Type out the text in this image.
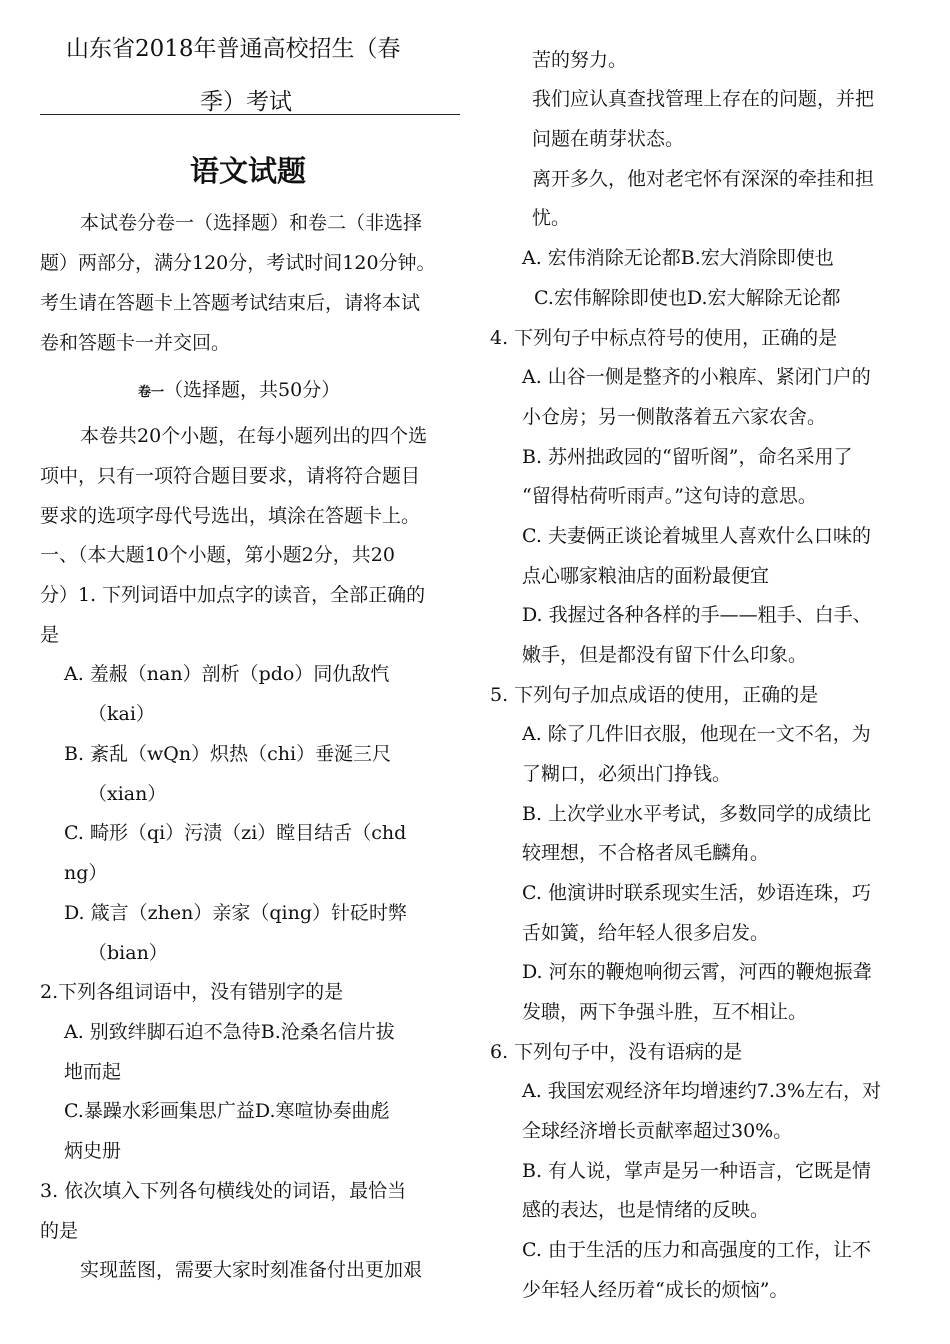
山东省2018年普通高校招生（春
季）考试
语文试题
本试卷分卷一（选择题）和卷二（非选择
题）两部分，满分120分，考试时间120分钟。
考生请在答题卡上答题考试结束后，请将本试
卷和答题卡一并交回。
卷一（选择题，共50分）
本卷共20个小题，在每小题列出的四个选
项中，只有一项符合题目要求，请将符合题目
要求的选项字母代号选出，填涂在答题卡上。
一、（本大题10个小题，第小题2分，共20
分）1. 下列词语中加点字的读音，全部正确的
是
A. 羞赧（nan）剖析（pdo）同仇敌忾
（kai）
B. 紊乱（wQn）炽热（chi）垂涎三尺
（xian）
C. 畸形（qi）污渍（zi）瞠目结舌（chd
ng）
D. 箴言（zhen）亲家（qing）针砭时弊
（bian）
2.下列各组词语中，没有错别字的是
A. 别致绊脚石迫不急待B.沧桑名信片拔
地而起
C.暴躁水彩画集思广益D.寒喧协奏曲彪
炳史册
3. 依次填入下列各句横线处的词语，最恰当
的是
实现蓝图，需要大家时刻准备付出更加艰
苦的努力。
我们应认真查找管理上存在的问题，并把
问题在萌芽状态。
离开多久，他对老宅怀有深深的牵挂和担
忧。
A. 宏伟消除无论都B.宏大消除即使也
C.宏伟解除即使也D.宏大解除无论都
4. 下列句子中标点符号的使用，正确的是
A. 山谷一侧是整齐的小粮库、紧闭门户的
小仓房；另一侧散落着五六家农舍。
B. 苏州拙政园的“留听阁”，命名采用了
“留得枯荷听雨声。”这句诗的意思。
C. 夫妻俩正谈论着城里人喜欢什么口味的
点心哪家粮油店的面粉最便宜
D. 我握过各种各样的手——粗手、白手、
嫩手，但是都没有留下什么印象。
5. 下列句子加点成语的使用，正确的是
A. 除了几件旧衣服，他现在一文不名，为
了糊口，必须出门挣钱。
B. 上次学业水平考试，多数同学的成绩比
较理想，不合格者凤毛麟角。
C. 他演讲时联系现实生活，妙语连珠，巧
舌如簧，给年轻人很多启发。
D. 河东的鞭炮响彻云霄，河西的鞭炮振聋
发聩，两下争强斗胜，互不相让。
6. 下列句子中，没有语病的是
A. 我国宏观经济年均增速约7.3%左右，对
全球经济增长贡献率超过30%。
B. 有人说，掌声是另一种语言，它既是情
感的表达，也是情绪的反映。
C. 由于生活的压力和高强度的工作，让不
少年轻人经历着“成长的烦恼”。
